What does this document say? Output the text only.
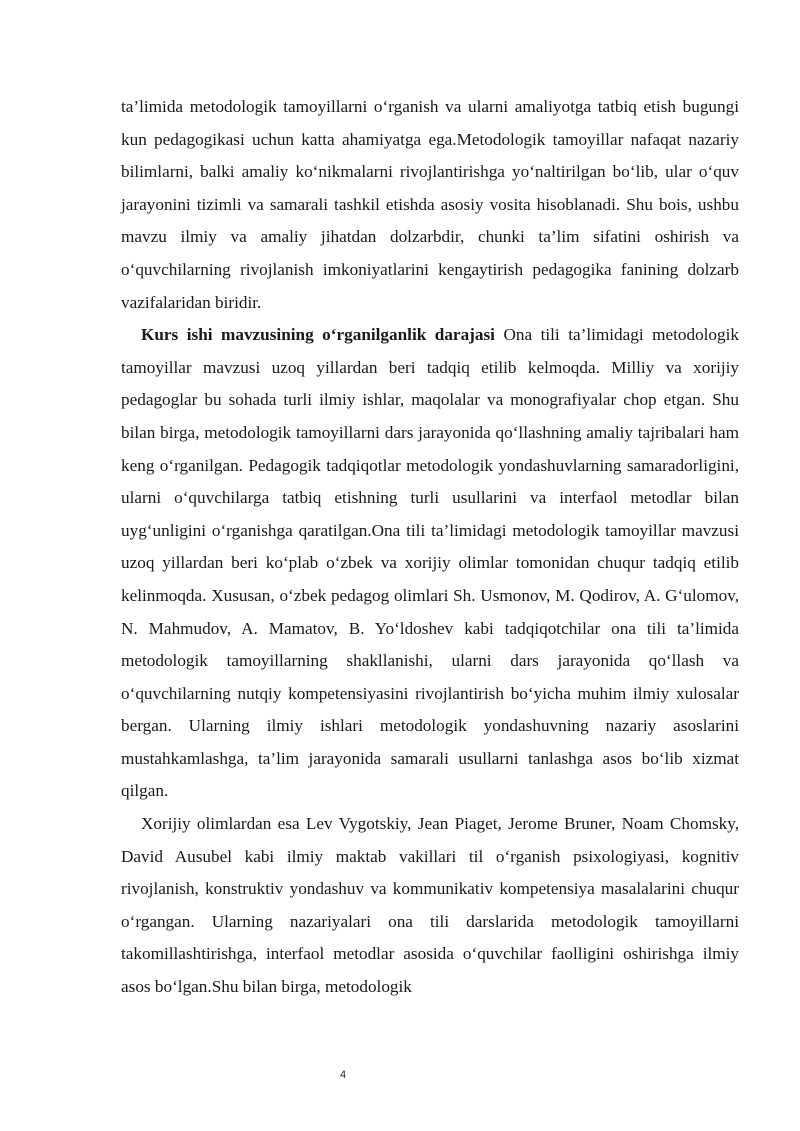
ta’limida metodologik tamoyillarni o‘rganish va ularni amaliyotga tatbiq etish bugungi kun pedagogikasi uchun katta ahamiyatga ega.Metodologik tamoyillar nafaqat nazariy bilimlarni, balki amaliy ko‘nikmalarni rivojlantirishga yo‘naltirilgan bo‘lib, ular o‘quv jarayonini tizimli va samarali tashkil etishda asosiy vosita hisoblanadi. Shu bois, ushbu mavzu ilmiy va amaliy jihatdan dolzarbdir, chunki ta’lim sifatini oshirish va o‘quvchilarning rivojlanish imkoniyatlarini kengaytirish pedagogika fanining dolzarb vazifalaridan biridir.

Kurs ishi mavzusining o‘rganilganlik darajasi Ona tili ta’limidagi metodologik tamoyillar mavzusi uzoq yillardan beri tadqiq etilib kelmoqda. Milliy va xorijiy pedagoglar bu sohada turli ilmiy ishlar, maqolalar va monografiyalar chop etgan. Shu bilan birga, metodologik tamoyillarni dars jarayonida qo‘llashning amaliy tajribalari ham keng o‘rganilgan. Pedagogik tadqiqotlar metodologik yondashuvlarning samaradorligini, ularni o‘quvchilarga tatbiq etishning turli usullarini va interfaol metodlar bilan uyg‘unligini o‘rganishga qaratilgan.Ona tili ta’limidagi metodologik tamoyillar mavzusi uzoq yillardan beri ko‘plab o‘zbek va xorijiy olimlar tomonidan chuqur tadqiq etilib kelinmoqda. Xususan, o‘zbek pedagog olimlari Sh. Usmonov, M. Qodirov, A. G‘ulomov, N. Mahmudov, A. Mamatov, B. Yo‘ldoshev kabi tadqiqotchilar ona tili ta’limida metodologik tamoyillarning shakllanishi, ularni dars jarayonida qo‘llash va o‘quvchilarning nutqiy kompetensiyasini rivojlantirish bo‘yicha muhim ilmiy xulosalar bergan. Ularning ilmiy ishlari metodologik yondashuvning nazariy asoslarini mustahkamlashga, ta’lim jarayonida samarali usullarni tanlashga asos bo‘lib xizmat qilgan.

Xorijiy olimlardan esa Lev Vygotskiy, Jean Piaget, Jerome Bruner, Noam Chomsky, David Ausubel kabi ilmiy maktab vakillari til o‘rganish psixologiyasi, kognitiv rivojlanish, konstruktiv yondashuv va kommunikativ kompetensiya masalalarini chuqur o‘rgangan. Ularning nazariyalari ona tili darslarida metodologik tamoyillarni takomillashtirishga, interfaol metodlar asosida o‘quvchilar faolligini oshirishga ilmiy asos bo‘lgan.Shu bilan birga, metodologik

4
